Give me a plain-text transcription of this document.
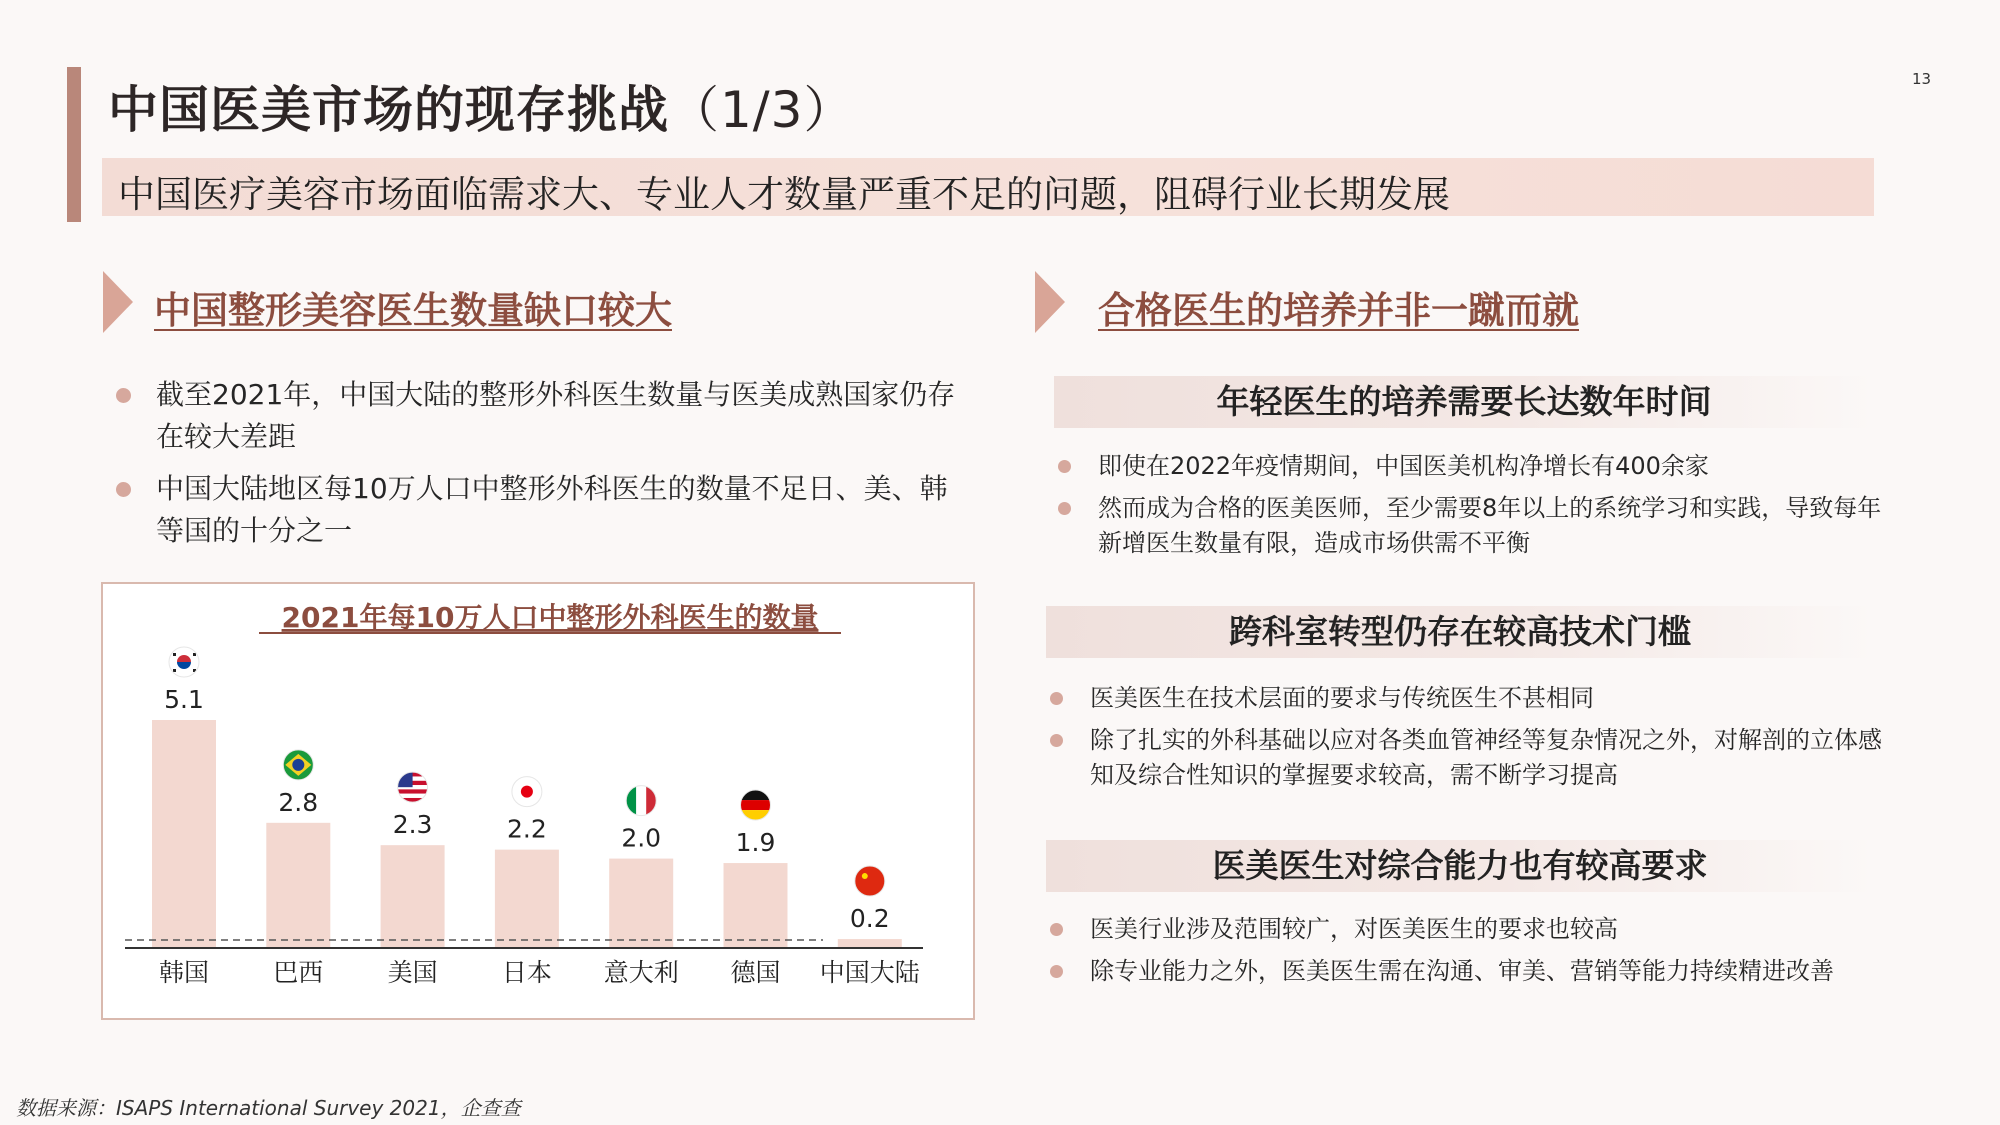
中国医美市场的现存挑战（1/3）
13
中国医疗美容市场面临需求大、专业人才数量严重不足的问题，阻碍行业长期发展
中国整形美容医生数量缺口较大
截至2021年，中国大陆的整形外科医生数量与医美成熟国家仍存在较大差距
中国大陆地区每10万人口中整形外科医生的数量不足日、美、韩等国的十分之一
2021年每10万人口中整形外科医生的数量
5.1
韩国
2.8
巴西
2.3
美国
2.2
日本
2.0
意大利
1.9
德国
0.2
中国大陆
合格医生的培养并非一蹴而就
年轻医生的培养需要长达数年时间
即使在2022年疫情期间，中国医美机构净增长有400余家
然而成为合格的医美医师，至少需要8年以上的系统学习和实践，导致每年新增医生数量有限，造成市场供需不平衡
跨科室转型仍存在较高技术门槛
医美医生在技术层面的要求与传统医生不甚相同
除了扎实的外科基础以应对各类血管神经等复杂情况之外，对解剖的立体感知及综合性知识的掌握要求较高，需不断学习提高
医美医生对综合能力也有较高要求
医美行业涉及范围较广，对医美医生的要求也较高
除专业能力之外，医美医生需在沟通、审美、营销等能力持续精进改善
数据来源：ISAPS International Survey 2021，企查查
